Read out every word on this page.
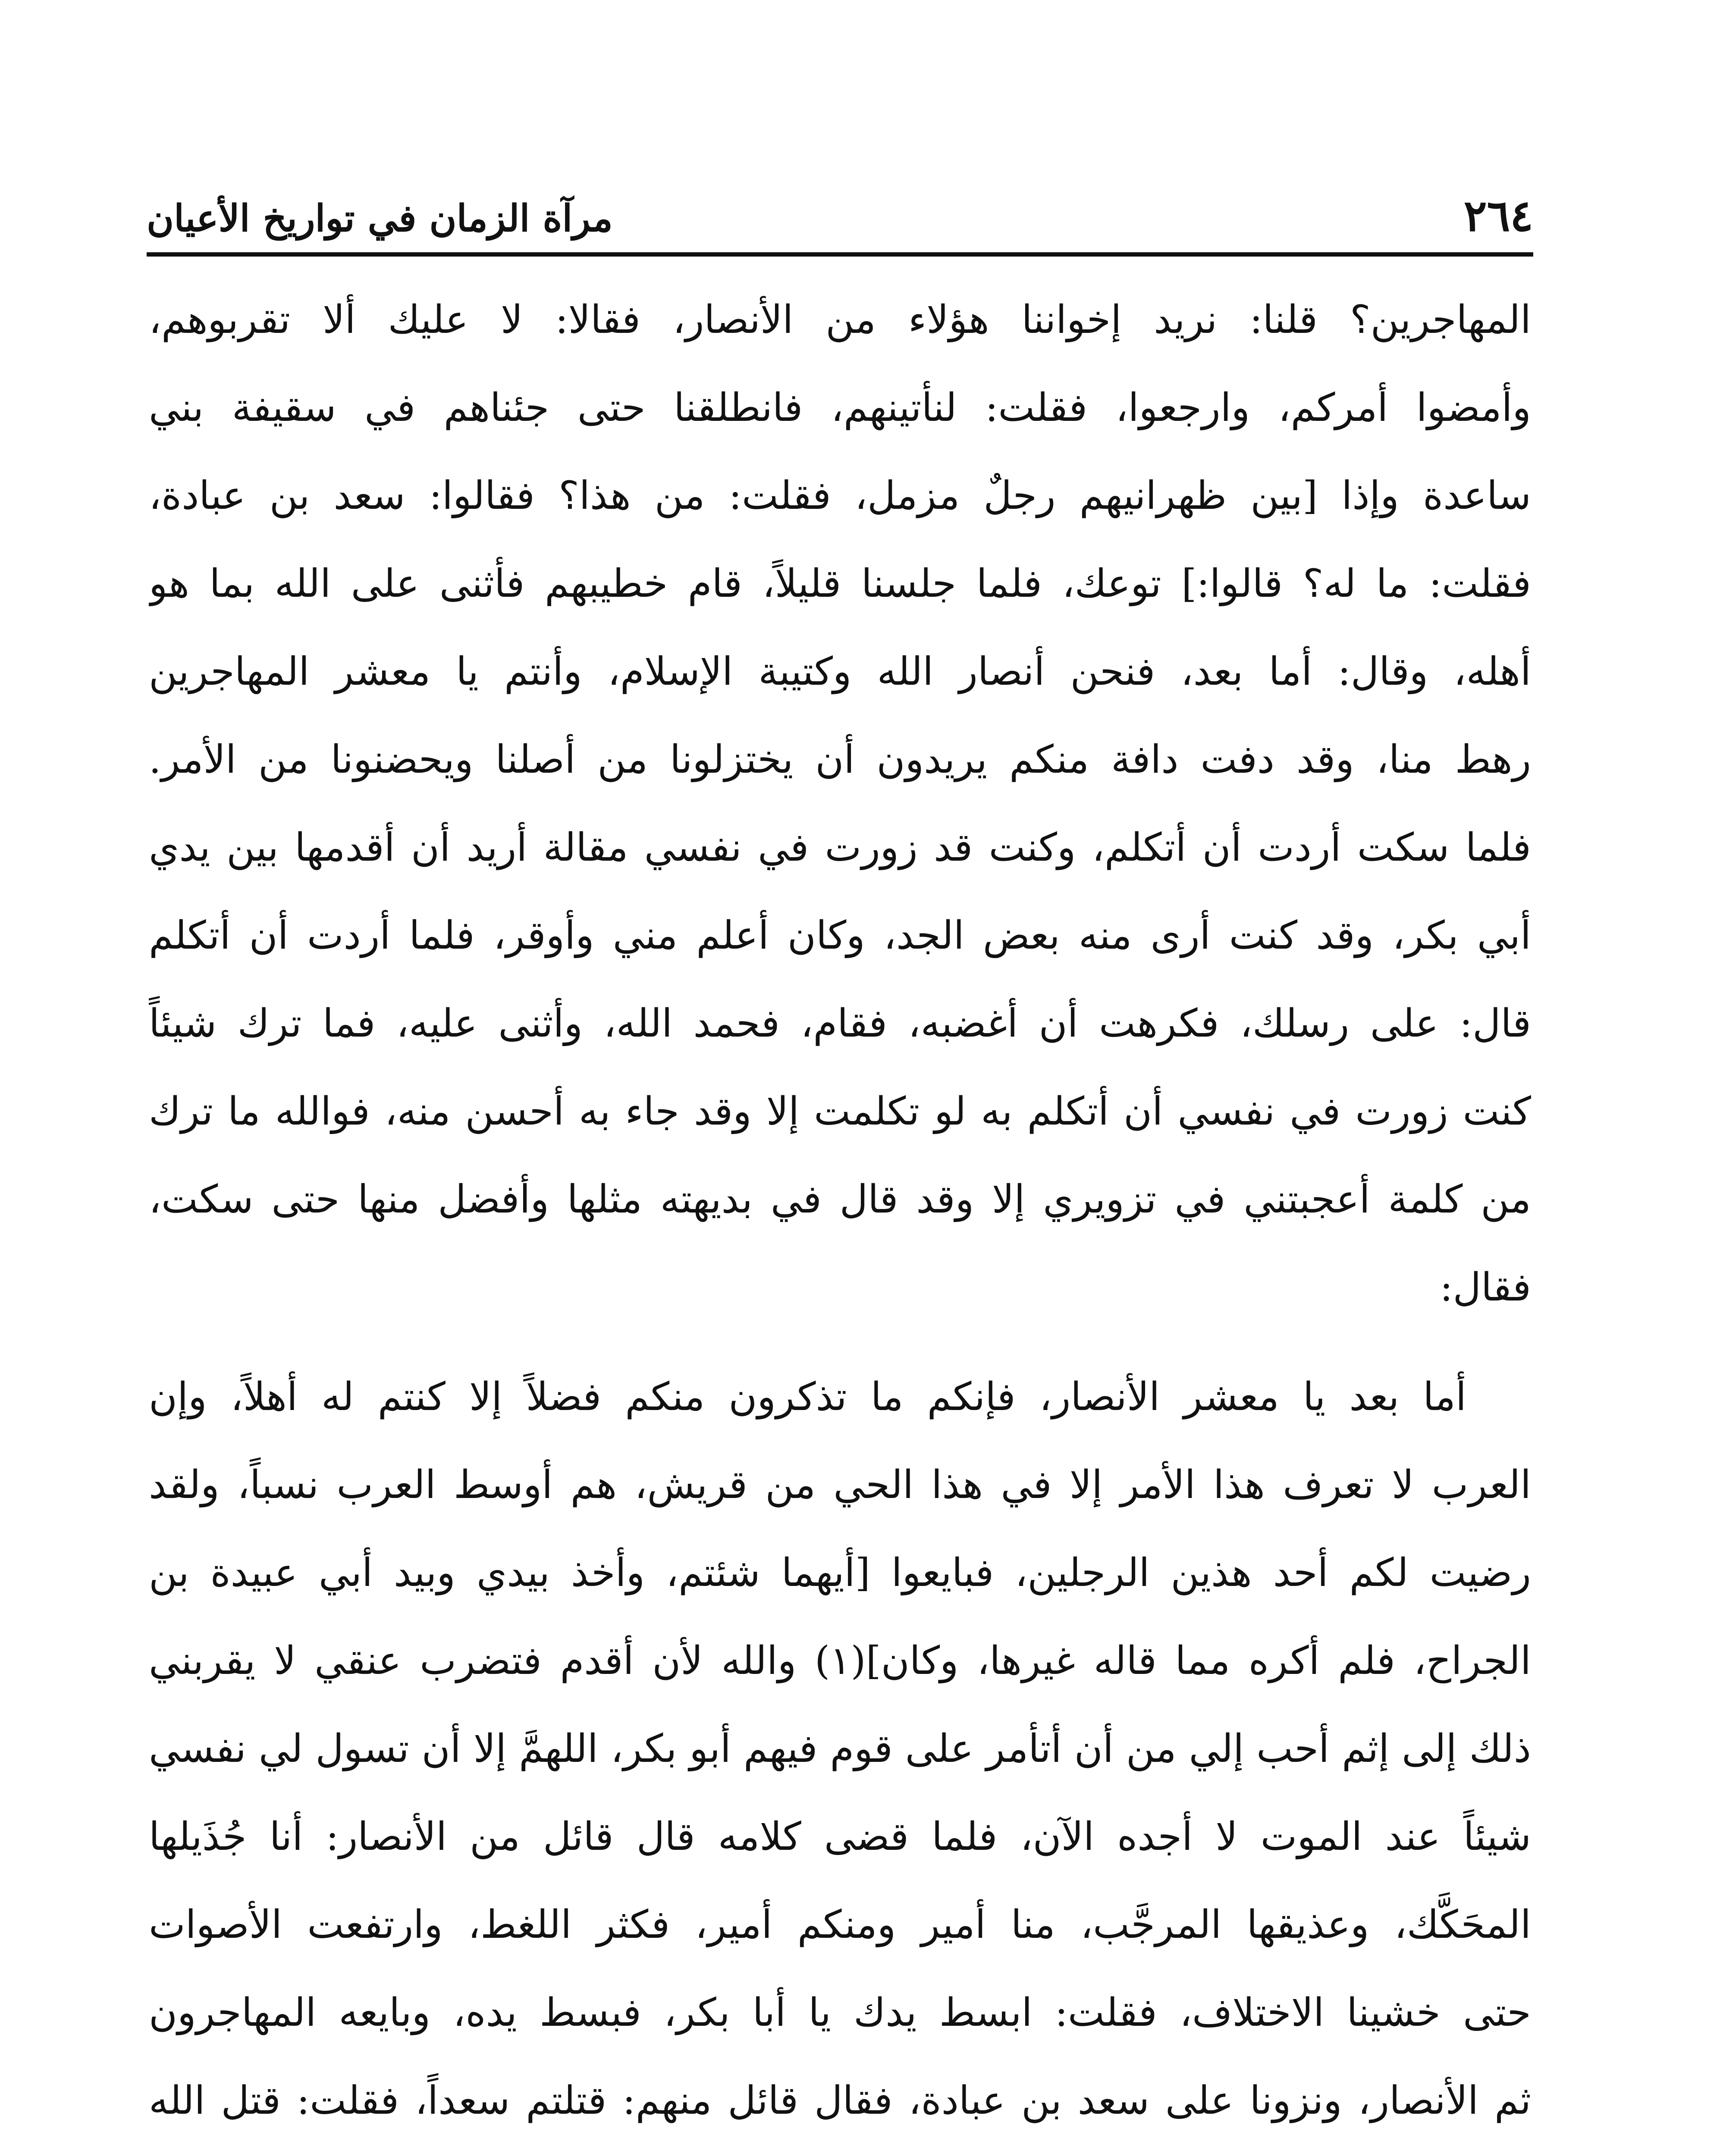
٢٦٤
مرآة الزمان في تواريخ الأعيان
المهاجرين؟ قلنا: نريد إخواننا هؤلاء من الأنصار، فقالا: لا عليك ألا تقربوهم،
وأمضوا أمركم، وارجعوا، فقلت: لنأتينهم، فانطلقنا حتى جئناهم في سقيفة بني
ساعدة وإذا [بين ظهرانيهم رجلٌ مزمل، فقلت: من هذا؟ فقالوا: سعد بن عبادة،
فقلت: ما له؟ قالوا:] توعك، فلما جلسنا قليلاً، قام خطيبهم فأثنى على الله بما هو
أهله، وقال: أما بعد، فنحن أنصار الله وكتيبة الإسلام، وأنتم يا معشر المهاجرين
رهط منا، وقد دفت دافة منكم يريدون أن يختزلونا من أصلنا ويحضنونا من الأمر.
فلما سكت أردت أن أتكلم، وكنت قد زورت في نفسي مقالة أريد أن أقدمها بين يدي
أبي بكر، وقد كنت أرى منه بعض الجد، وكان أعلم مني وأوقر، فلما أردت أن أتكلم
قال: على رسلك، فكرهت أن أغضبه، فقام، فحمد الله، وأثنى عليه، فما ترك شيئاً
كنت زورت في نفسي أن أتكلم به لو تكلمت إلا وقد جاء به أحسن منه، فوالله ما ترك
من كلمة أعجبتني في تزويري إلا وقد قال في بديهته مثلها وأفضل منها حتى سكت،
فقال:
أما بعد يا معشر الأنصار، فإنكم ما تذكرون منكم فضلاً إلا كنتم له أهلاً، وإن
العرب لا تعرف هذا الأمر إلا في هذا الحي من قريش، هم أوسط العرب نسباً، ولقد
رضيت لكم أحد هذين الرجلين، فبايعوا [أيهما شئتم، وأخذ بيدي وبيد أبي عبيدة بن
الجراح، فلم أكره مما قاله غيرها، وكان](١) والله لأن أقدم فتضرب عنقي لا يقربني
ذلك إلى إثم أحب إلي من أن أتأمر على قوم فيهم أبو بكر، اللهمَّ إلا أن تسول لي نفسي
شيئاً عند الموت لا أجده الآن، فلما قضى كلامه قال قائل من الأنصار: أنا جُذَيلها
المحَكَّك، وعذيقها المرجَّب، منا أمير ومنكم أمير، فكثر اللغط، وارتفعت الأصوات
حتى خشينا الاختلاف، فقلت: ابسط يدك يا أبا بكر، فبسط يده، وبايعه المهاجرون
ثم الأنصار، ونزونا على سعد بن عبادة، فقال قائل منهم: قتلتم سعداً، فقلت: قتل الله
